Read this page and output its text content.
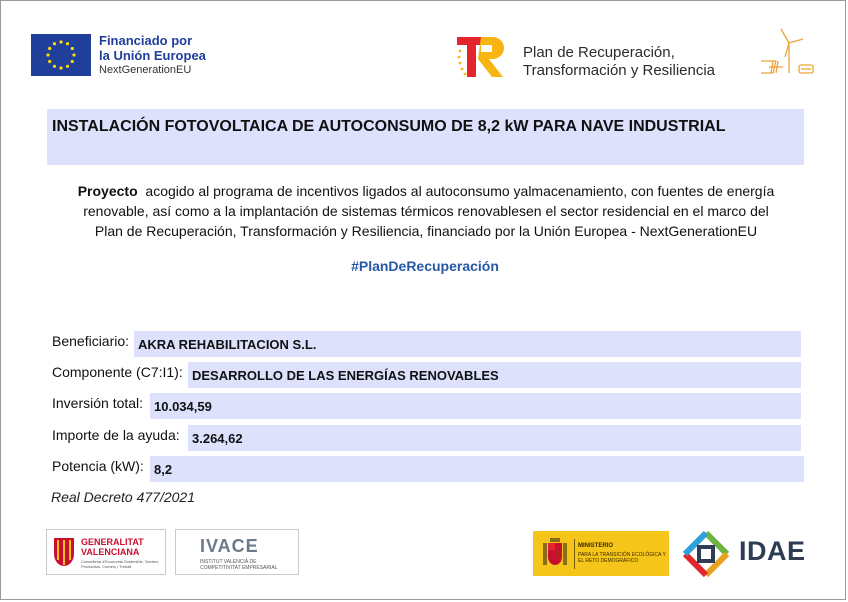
Financiado por
la Unión Europea
NextGenerationEU
Plan de Recuperación,
Transformación y Resiliencia
INSTALACIÓN FOTOVOLTAICA DE AUTOCONSUMO DE 8,2 kW PARA NAVE INDUSTRIAL
Proyecto acogido al programa de incentivos ligados al autoconsumo yalmacenamiento, con fuentes de energía
renovable, así como a la implantación de sistemas térmicos renovablesen el sector residencial en el marco del
Plan de Recuperación, Transformación y Resiliencia, financiado por la Unión Europea - NextGenerationEU
#PlanDeRecuperación
Beneficiario: AKRA REHABILITACION S.L.
Componente (C7:I1): DESARROLLO DE LAS ENERGÍAS RENOVABLES
Inversión total: 10.034,59
Importe de la ayuda: 3.264,62
Potencia (kW): 8,2
Real Decreto 477/2021
GENERALITAT
VALENCIANA
Conselleria d'Economia Sostenible, Sectors Productius, Comerç i Treball
IVACE
INSTITUT VALENCIÀ DE COMPETITIVITAT EMPRESARIAL
MINISTERIO
PARA LA TRANSICIÓN ECOLÓGICA Y EL RETO DEMOGRÁFICO	IDAE
